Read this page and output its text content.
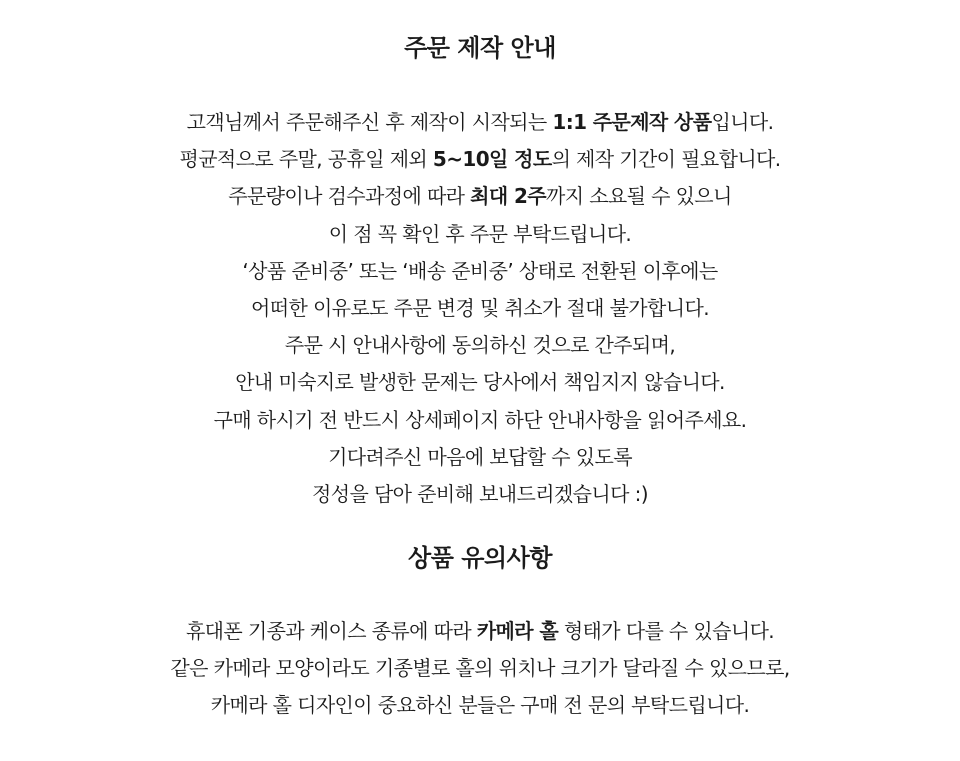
주문 제작 안내
고객님께서 주문해주신 후 제작이 시작되는 1:1 주문제작 상품입니다.
평균적으로 주말, 공휴일 제외 5~10일 정도의 제작 기간이 필요합니다.
주문량이나 검수과정에 따라 최대 2주까지 소요될 수 있으니
이 점 꼭 확인 후 주문 부탁드립니다.
‘상품 준비중’ 또는 ‘배송 준비중’ 상태로 전환된 이후에는
어떠한 이유로도 주문 변경 및 취소가 절대 불가합니다.
주문 시 안내사항에 동의하신 것으로 간주되며,
안내 미숙지로 발생한 문제는 당사에서 책임지지 않습니다.
구매 하시기 전 반드시 상세페이지 하단 안내사항을 읽어주세요.
기다려주신 마음에 보답할 수 있도록
정성을 담아 준비해 보내드리겠습니다 :)
상품 유의사항
휴대폰 기종과 케이스 종류에 따라 카메라 홀 형태가 다를 수 있습니다.
같은 카메라 모양이라도 기종별로 홀의 위치나 크기가 달라질 수 있으므로,
카메라 홀 디자인이 중요하신 분들은 구매 전 문의 부탁드립니다.
